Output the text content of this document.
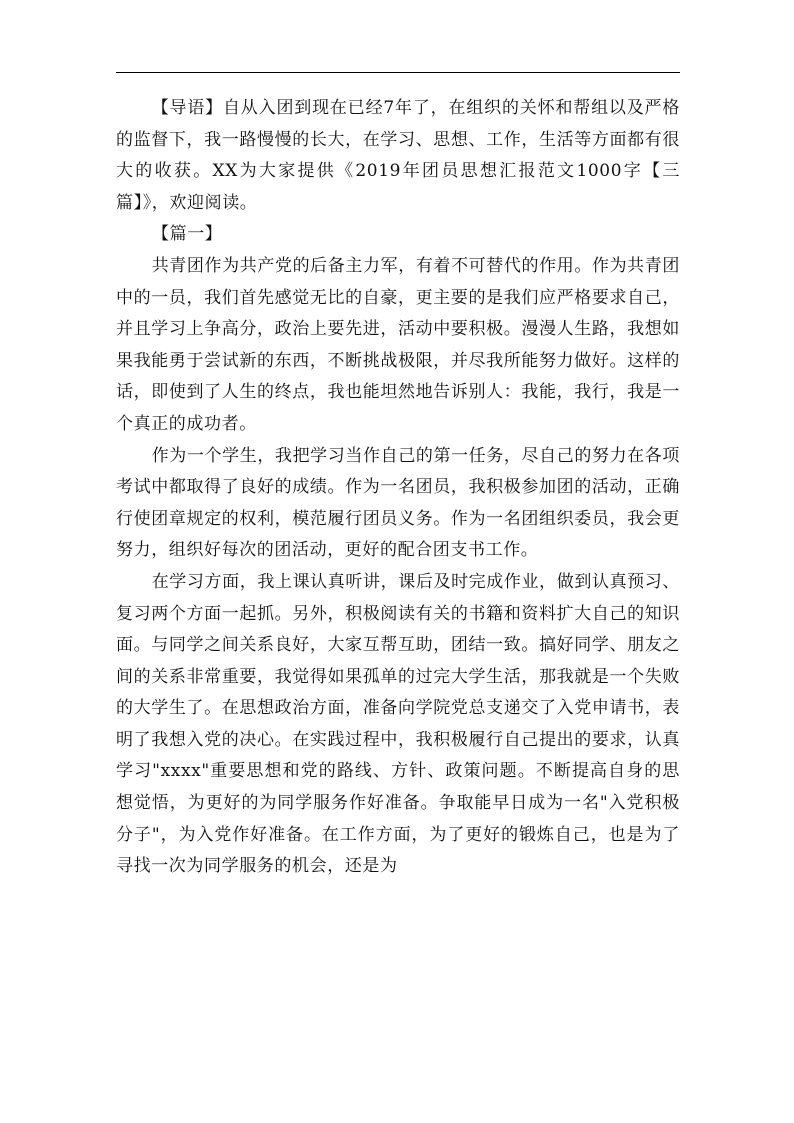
【导语】自从入团到现在已经7年了，在组织的关怀和帮组以及严格的监督下，我一路慢慢的长大，在学习、思想、工作，生活等方面都有很大的收获。XX为大家提供《2019年团员思想汇报范文1000字【三篇】》，欢迎阅读。

【篇一】

共青团作为共产党的后备主力军，有着不可替代的作用。作为共青团中的一员，我们首先感觉无比的自豪，更主要的是我们应严格要求自己，并且学习上争高分，政治上要先进，活动中要积极。漫漫人生路，我想如果我能勇于尝试新的东西，不断挑战极限，并尽我所能努力做好。这样的话，即使到了人生的终点，我也能坦然地告诉别人：我能，我行，我是一个真正的成功者。

作为一个学生，我把学习当作自己的第一任务，尽自己的努力在各项考试中都取得了良好的成绩。作为一名团员，我积极参加团的活动，正确行使团章规定的权利，模范履行团员义务。作为一名团组织委员，我会更努力，组织好每次的团活动，更好的配合团支书工作。

在学习方面，我上课认真听讲，课后及时完成作业，做到认真预习、复习两个方面一起抓。另外，积极阅读有关的书籍和资料扩大自己的知识面。与同学之间关系良好，大家互帮互助，团结一致。搞好同学、朋友之间的关系非常重要，我觉得如果孤单的过完大学生活，那我就是一个失败的大学生了。在思想政治方面，准备向学院党总支递交了入党申请书，表明了我想入党的决心。在实践过程中，我积极履行自己提出的要求，认真学习"xxxx"重要思想和党的路线、方针、政策问题。不断提高自身的思想觉悟，为更好的为同学服务作好准备。争取能早日成为一名"入党积极分子"，为入党作好准备。在工作方面，为了更好的锻炼自己，也是为了寻找一次为同学服务的机会，还是为
